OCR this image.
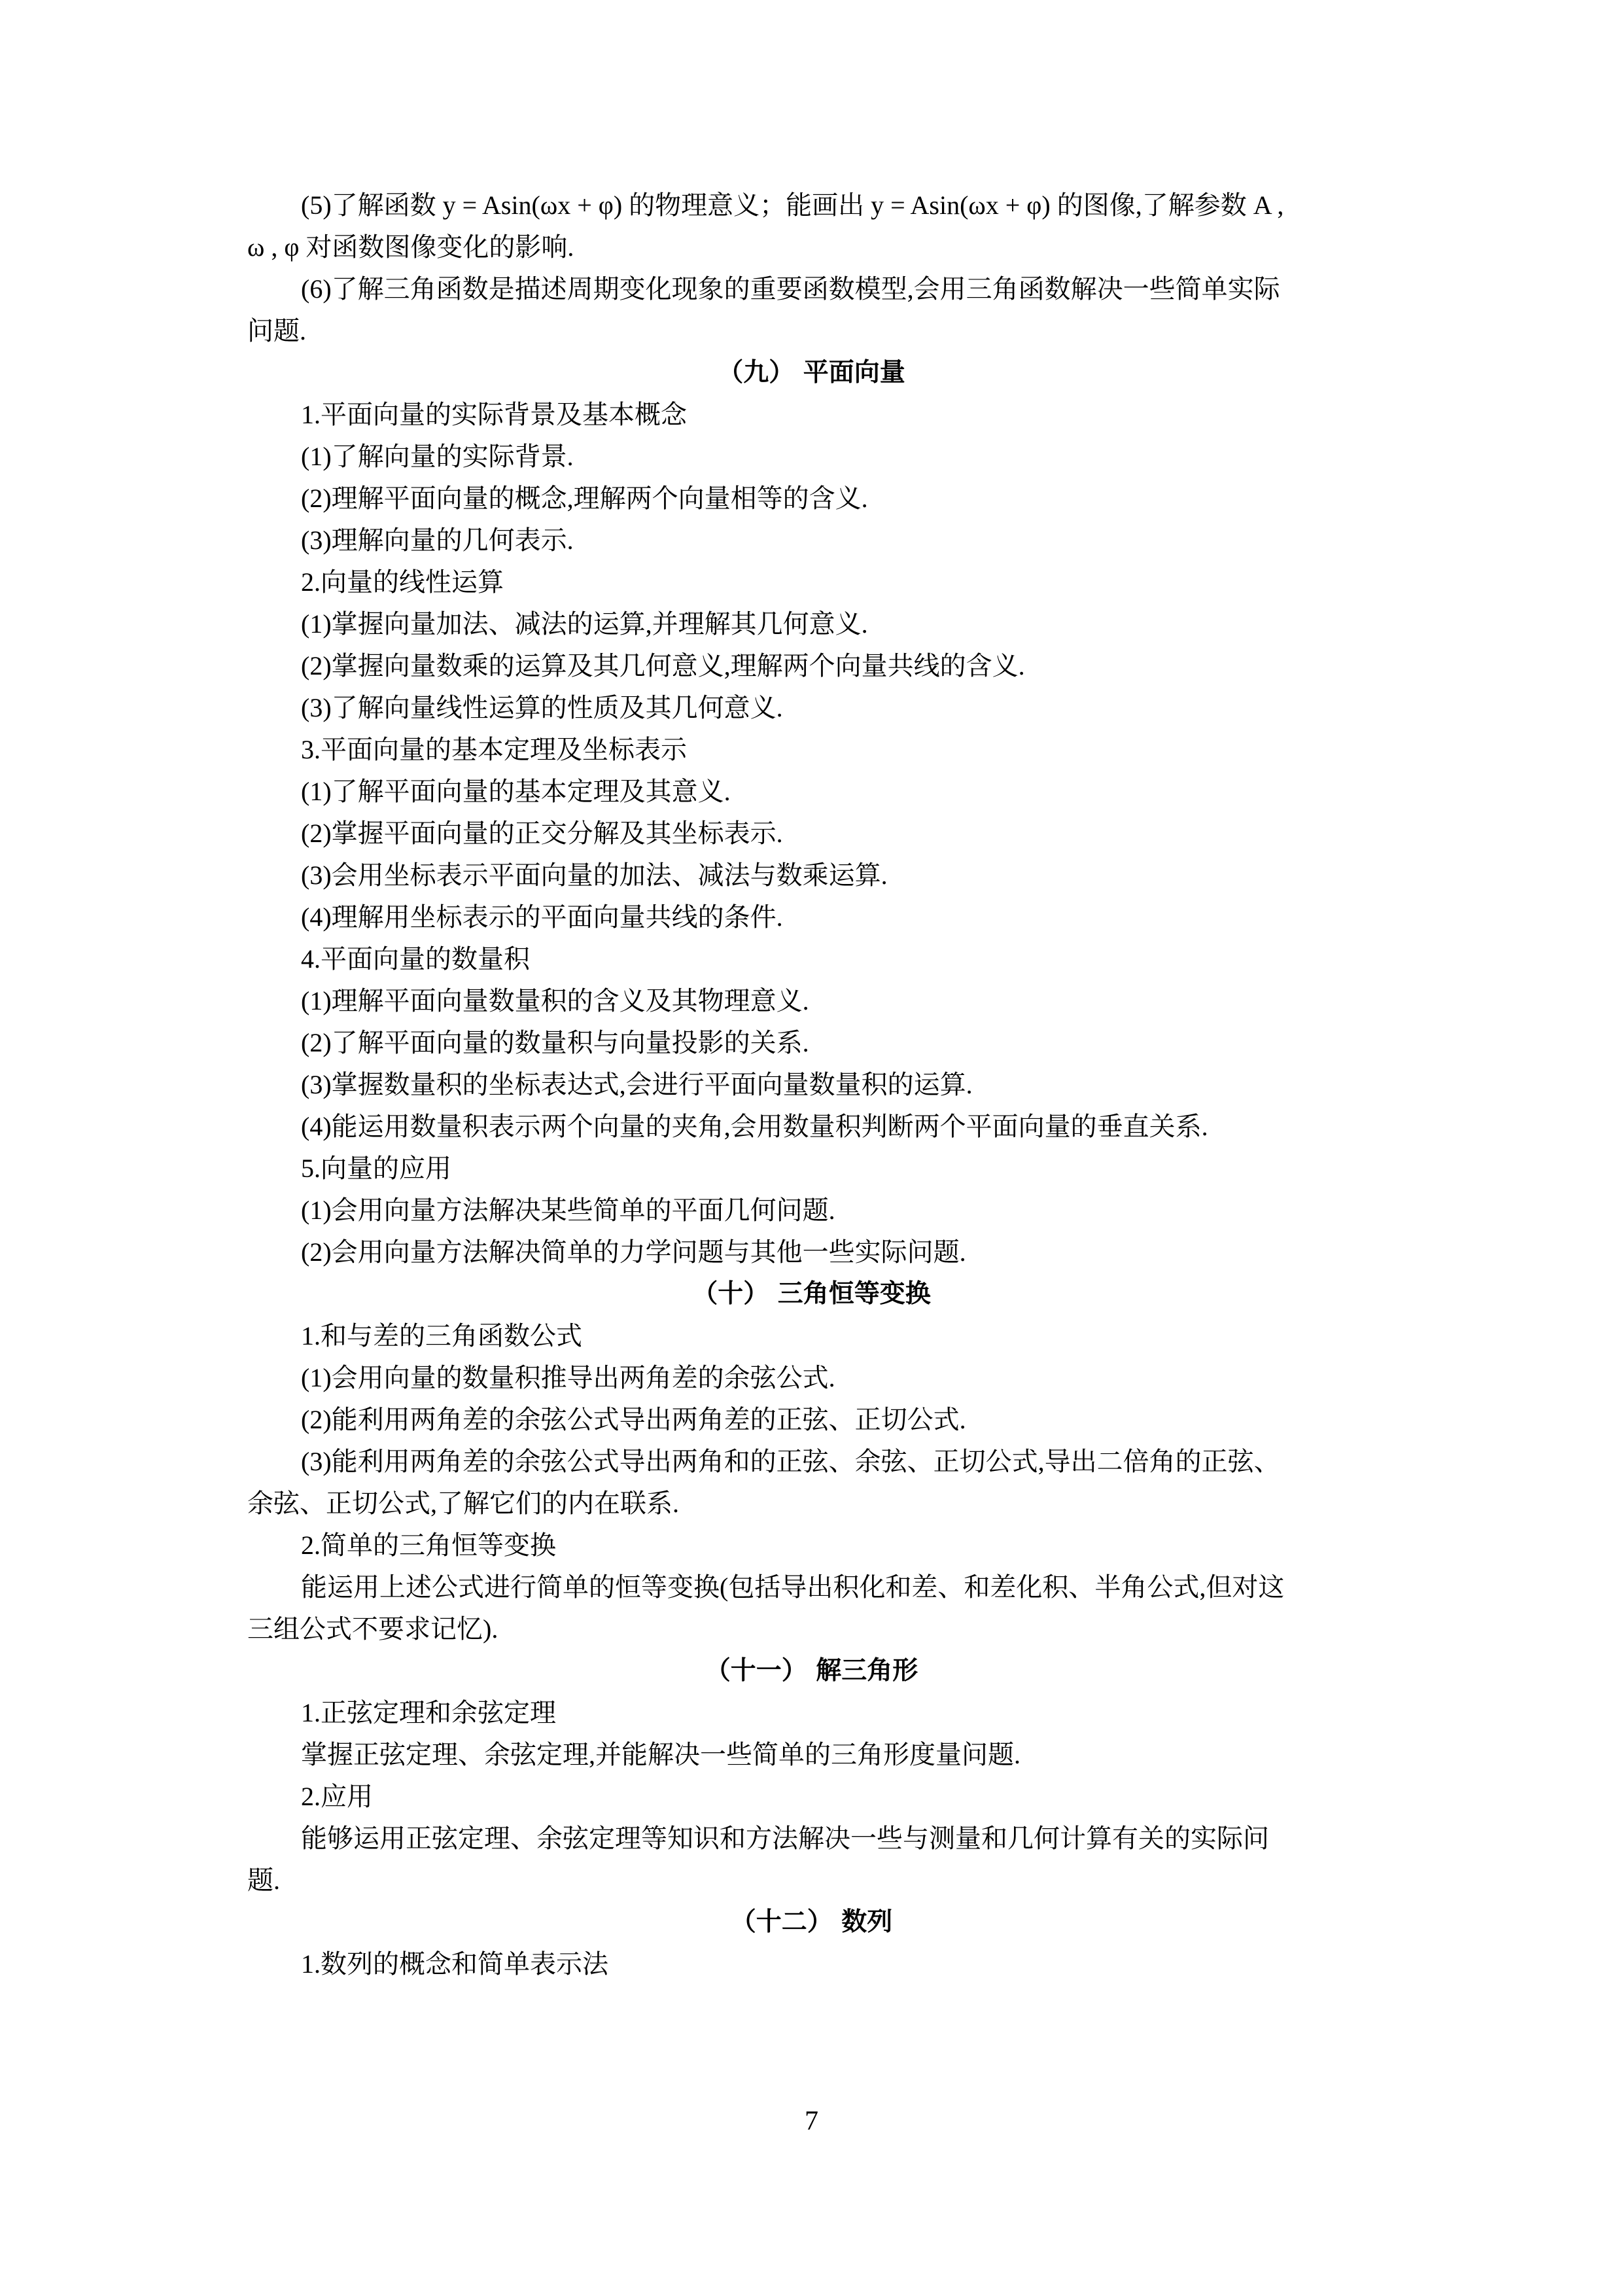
(5)了解函数 y = Asin(ωx + φ) 的物理意义；能画出 y = Asin(ωx + φ) 的图像,了解参数 A ,
ω , φ 对函数图像变化的影响.
(6)了解三角函数是描述周期变化现象的重要函数模型,会用三角函数解决一些简单实际
问题.
（九） 平面向量
1.平面向量的实际背景及基本概念
(1)了解向量的实际背景.
(2)理解平面向量的概念,理解两个向量相等的含义.
(3)理解向量的几何表示.
2.向量的线性运算
(1)掌握向量加法、减法的运算,并理解其几何意义.
(2)掌握向量数乘的运算及其几何意义,理解两个向量共线的含义.
(3)了解向量线性运算的性质及其几何意义.
3.平面向量的基本定理及坐标表示
(1)了解平面向量的基本定理及其意义.
(2)掌握平面向量的正交分解及其坐标表示.
(3)会用坐标表示平面向量的加法、减法与数乘运算.
(4)理解用坐标表示的平面向量共线的条件.
4.平面向量的数量积
(1)理解平面向量数量积的含义及其物理意义.
(2)了解平面向量的数量积与向量投影的关系.
(3)掌握数量积的坐标表达式,会进行平面向量数量积的运算.
(4)能运用数量积表示两个向量的夹角,会用数量积判断两个平面向量的垂直关系.
5.向量的应用
(1)会用向量方法解决某些简单的平面几何问题.
(2)会用向量方法解决简单的力学问题与其他一些实际问题.
（十） 三角恒等变换
1.和与差的三角函数公式
(1)会用向量的数量积推导出两角差的余弦公式.
(2)能利用两角差的余弦公式导出两角差的正弦、正切公式.
(3)能利用两角差的余弦公式导出两角和的正弦、余弦、正切公式,导出二倍角的正弦、
余弦、正切公式,了解它们的内在联系.
2.简单的三角恒等变换
能运用上述公式进行简单的恒等变换(包括导出积化和差、和差化积、半角公式,但对这
三组公式不要求记忆).
（十一） 解三角形
1.正弦定理和余弦定理
掌握正弦定理、余弦定理,并能解决一些简单的三角形度量问题.
2.应用
能够运用正弦定理、余弦定理等知识和方法解决一些与测量和几何计算有关的实际问
题.
（十二） 数列
1.数列的概念和简单表示法
7
